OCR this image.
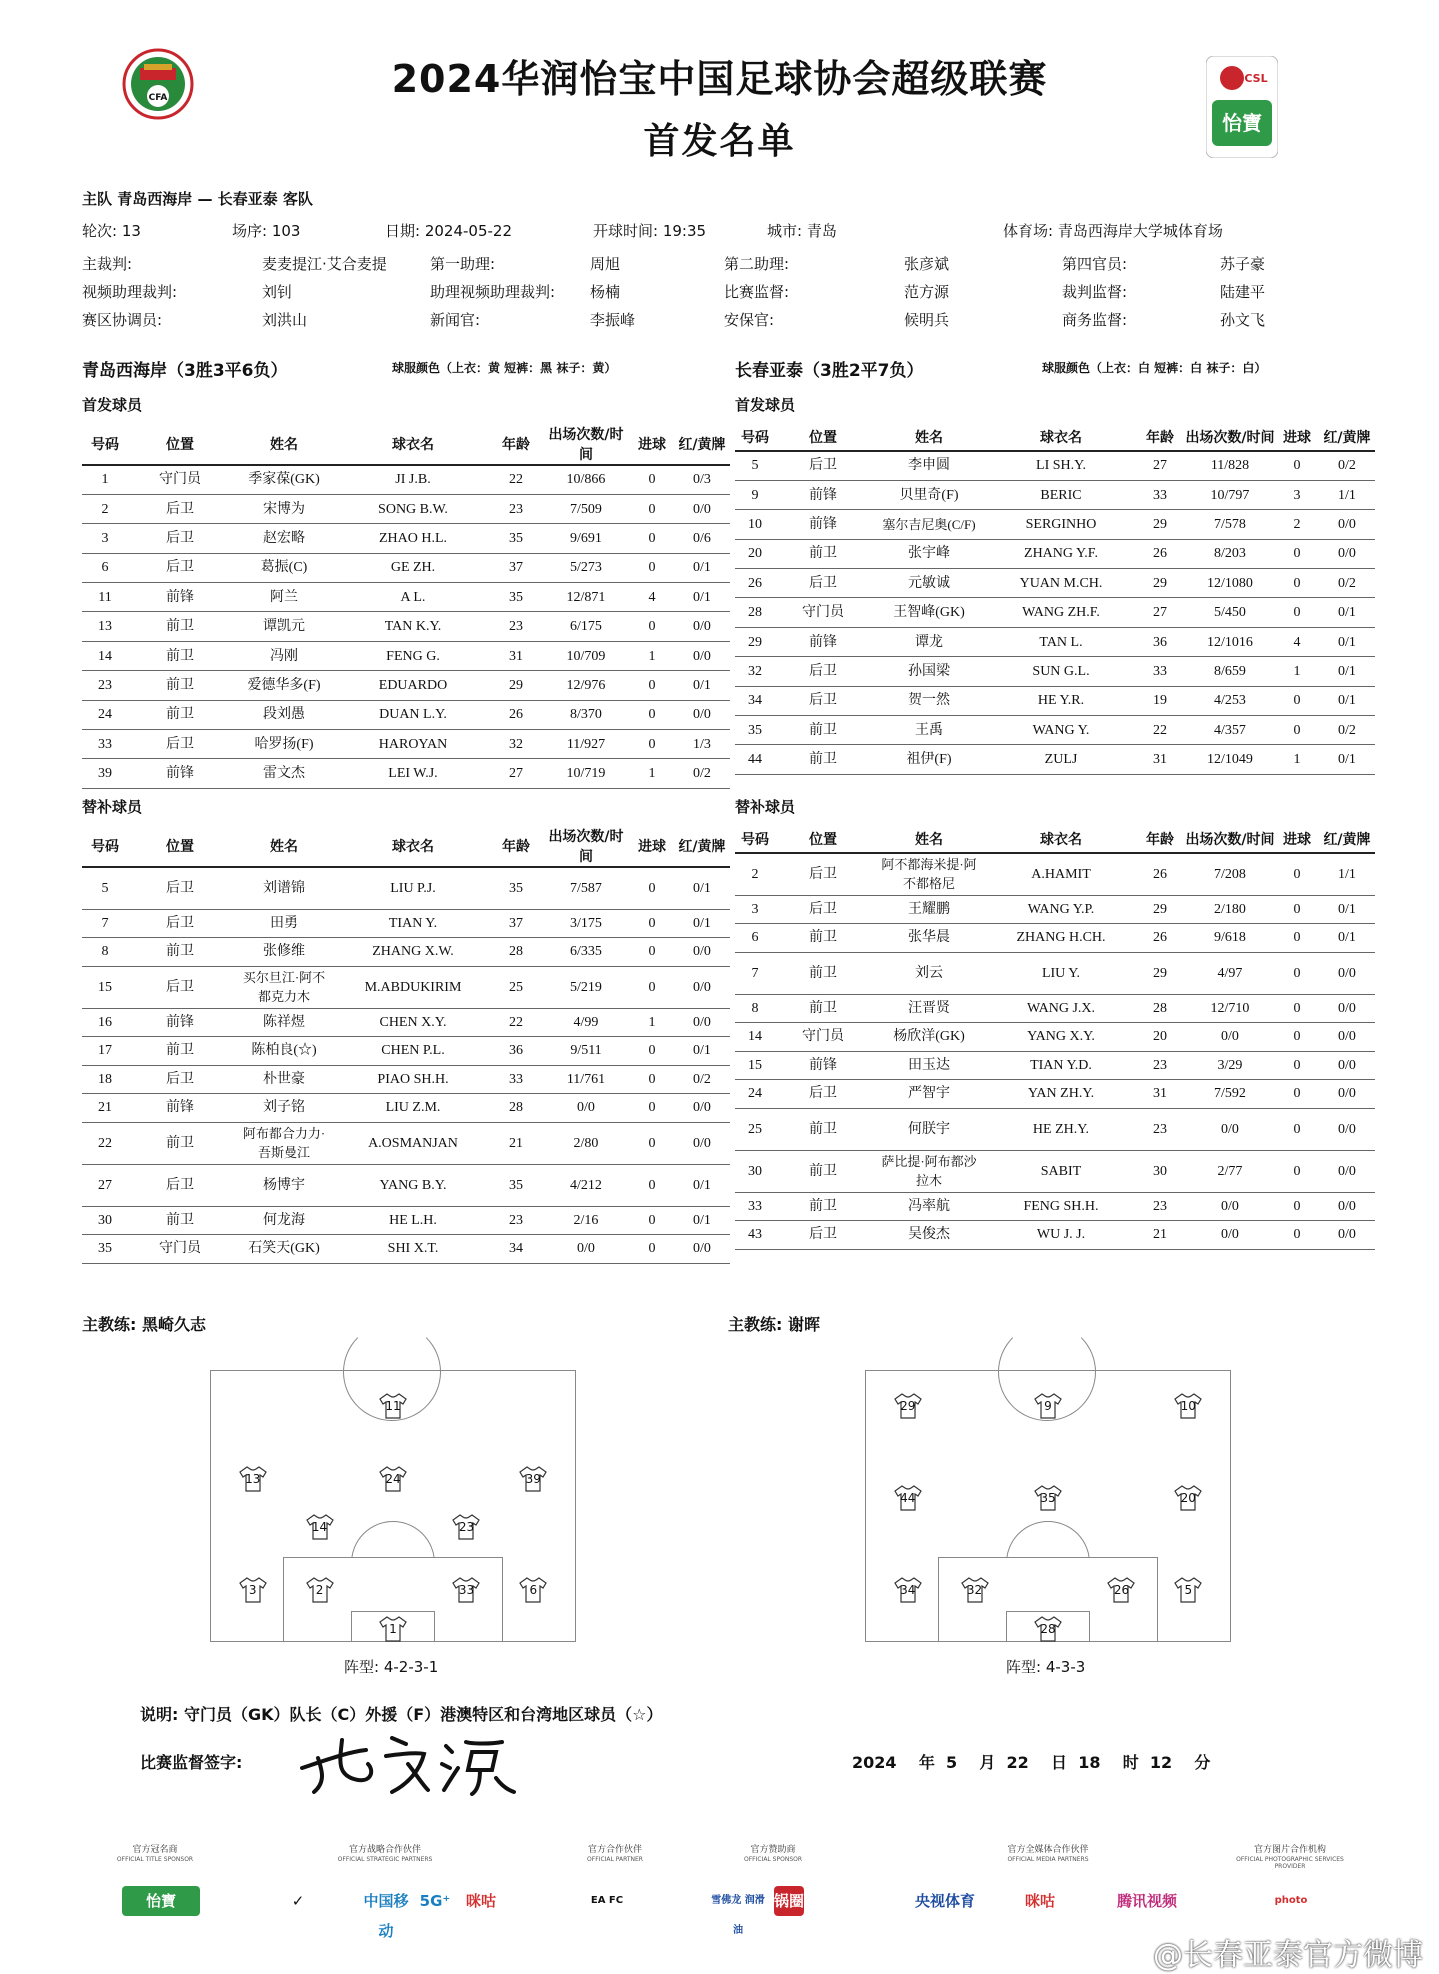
CFA
CSL
怡寶
2024华润怡宝中国足球协会超级联赛
首发名单
主队 青岛西海岸 — 长春亚泰 客队
轮次: 13	场序: 103	日期: 2024-05-22	开球时间: 19:35	城市: 青岛	体育场: 青岛西海岸大学城体育场
主裁判:	麦麦提江·艾合麦提	第一助理:	周旭	第二助理:	张彦斌	第四官员:	苏子豪
视频助理裁判:	刘钊	助理视频助理裁判: 杨楠	比赛监督:	范方源	裁判监督:	陆建平
赛区协调员:	刘洪山	新闻官:	李振峰	安保官:	候明兵	商务监督:	孙文飞
青岛西海岸（3胜3平6负）	球服颜色（上衣：黄 短裤：黑 袜子：黄）	长春亚泰（3胜2平7负）	球服颜色（上衣：白 短裤：白 袜子：白）
首发球员	首发球员
号码	位置	姓名	球衣名	年龄	出场次数/时间	进球	红/黄牌
1	守门员	季家葆(GK)	JI J.B.	22	10/866	0	0/3
2	后卫	宋博为	SONG B.W.	23	7/509	0	0/0
3	后卫	赵宏略	ZHAO H.L.	35	9/691	0	0/6
6	后卫	葛振(C)	GE ZH.	37	5/273	0	0/1
11	前锋	阿兰	A L.	35	12/871	4	0/1
13	前卫	谭凯元	TAN K.Y.	23	6/175	0	0/0
14	前卫	冯刚	FENG G.	31	10/709	1	0/0
23	前卫	爱德华多(F)	EDUARDO	29	12/976	0	0/1
24	前卫	段刘愚	DUAN L.Y.	26	8/370	0	0/0
33	后卫	哈罗扬(F)	HAROYAN	32	11/927	0	1/3
39	前锋	雷文杰	LEI W.J.	27	10/719	1	0/2
号码	位置	姓名	球衣名	年龄	出场次数/时间	进球	红/黄牌
5	后卫	李申圆	LI SH.Y.	27	11/828	0	0/2
9	前锋	贝里奇(F)	BERIC	33	10/797	3	1/1
10	前锋	塞尔吉尼奥(C/F)	SERGINHO	29	7/578	2	0/0
20	前卫	张宇峰	ZHANG Y.F.	26	8/203	0	0/0
26	后卫	元敏诚	YUAN M.CH.	29	12/1080	0	0/2
28	守门员	王智峰(GK)	WANG ZH.F.	27	5/450	0	0/1
29	前锋	谭龙	TAN L.	36	12/1016	4	0/1
32	后卫	孙国梁	SUN G.L.	33	8/659	1	0/1
34	后卫	贺一然	HE Y.R.	19	4/253	0	0/1
35	前卫	王禹	WANG Y.	22	4/357	0	0/2
44	前卫	祖伊(F)	ZULJ	31	12/1049	1	0/1
替补球员	替补球员
号码	位置	姓名	球衣名	年龄	出场次数/时间	进球	红/黄牌
5	后卫	刘谱锦	LIU P.J.	35	7/587	0	0/1
7	后卫	田勇	TIAN Y.	37	3/175	0	0/1
8	前卫	张修维	ZHANG X.W.	28	6/335	0	0/0
15	后卫	买尔旦江·阿不都克力木	M.ABDUKIRIM	25	5/219	0	0/0
16	前锋	陈祥煜	CHEN X.Y.	22	4/99	1	0/0
17	前卫	陈柏良(☆)	CHEN P.L.	36	9/511	0	0/1
18	后卫	朴世豪	PIAO SH.H.	33	11/761	0	0/2
21	前锋	刘子铭	LIU Z.M.	28	0/0	0	0/0
22	前卫	阿布都合力力·吾斯曼江	A.OSMANJAN	21	2/80	0	0/0
27	后卫	杨博宇	YANG B.Y.	35	4/212	0	0/1
30	前卫	何龙海	HE L.H.	23	2/16	0	0/1
35	守门员	石笑天(GK)	SHI X.T.	34	0/0	0	0/0
号码	位置	姓名	球衣名	年龄	出场次数/时间	进球	红/黄牌
2	后卫	阿不都海米提·阿不都格尼	A.HAMIT	26	7/208	0	1/1
3	后卫	王耀鹏	WANG Y.P.	29	2/180	0	0/1
6	前卫	张华晨	ZHANG H.CH.	26	9/618	0	0/1
7	前卫	刘云	LIU Y.	29	4/97	0	0/0
8	前卫	汪晋贤	WANG J.X.	28	12/710	0	0/0
14	守门员	杨欣洋(GK)	YANG X.Y.	20	0/0	0	0/0
15	前锋	田玉达	TIAN Y.D.	23	3/29	0	0/0
24	后卫	严智宇	YAN ZH.Y.	31	7/592	0	0/0
25	前卫	何朕宇	HE ZH.Y.	23	0/0	0	0/0
30	前卫	萨比提·阿布都沙拉木	SABIT	30	2/77	0	0/0
33	前卫	冯率航	FENG SH.H.	23	0/0	0	0/0
43	后卫	吴俊杰	WU J. J.	21	0/0	0	0/0
主教练: 黑崎久志	主教练: 谢晖
11
13	24	39
14	23
3	2	33	6
1
29	9	10
44	35	20
34	32	26	5
28
阵型: 4-2-3-1	阵型: 4-3-3
说明: 守门员（GK）队长（C）外援（F）港澳特区和台湾地区球员（☆）
比赛监督签字:	2024    年  5    月  22    日  18    时  12    分
官方冠名商
OFFICIAL TITLE SPONSOR
官方战略合作伙伴
OFFICIAL STRATEGIC PARTNERS
官方合作伙伴
OFFICIAL PARTNER
官方赞助商
OFFICIAL SPONSOR
官方全媒体合作伙伴
OFFICIAL MEDIA PARTNERS
官方图片合作机构
OFFICIAL PHOTOGRAPHIC SERVICES PROVIDER
怡寶	✓	中国移动
5G⁺	咪咕	EA FC	雪佛龙 润滑油
锅圈	央视体育	咪咕	腾讯视频	photo
@长春亚泰官方微博
